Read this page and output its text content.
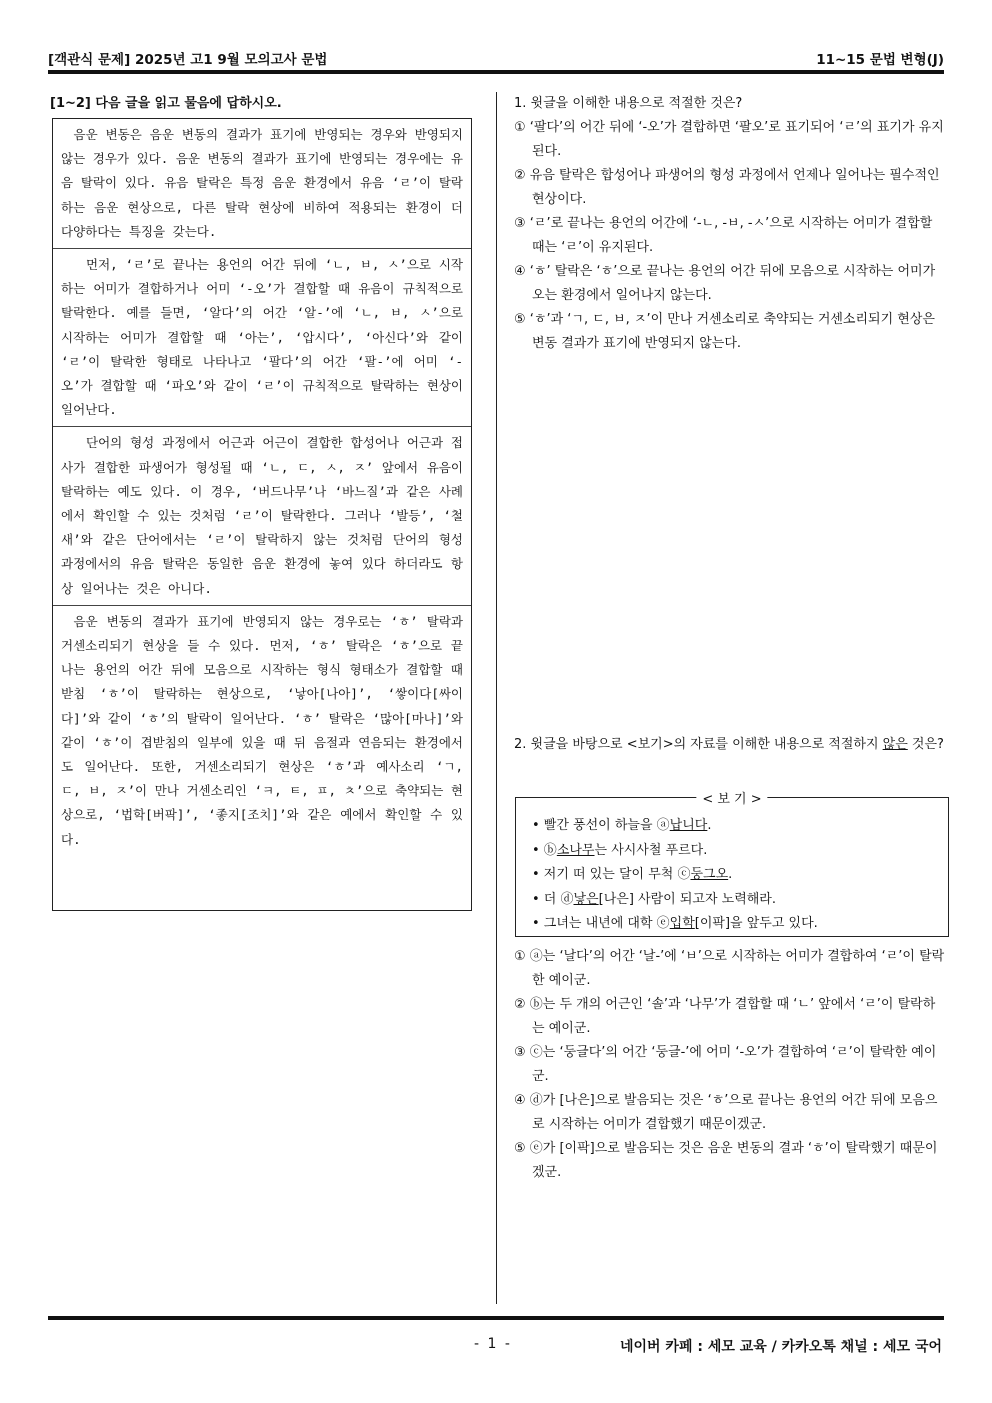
[객관식 문제] 2025년 고1 9월 모의고사 문법	11~15 문법 변형(J)
[1~2] 다음 글을 읽고 물음에 답하시오.

음운 변동은 음운 변동의 결과가 표기에 반영되는 경우와 반영되지 않는 경우가 있다. 음운 변동의 결과가 표기에 반영되는 경우에는 유음 탈락이 있다. 유음 탈락은 특정 음운 환경에서 유음 ‘ㄹ’이 탈락하는 음운 현상으로, 다른 탈락 현상에 비하여 적용되는 환경이 더 다양하다는 특징을 갖는다.

먼저, ‘ㄹ’로 끝나는 용언의 어간 뒤에 ‘ㄴ, ㅂ, ㅅ’으로 시작하는 어미가 결합하거나 어미 ‘-오’가 결합할 때 유음이 규칙적으로 탈락한다. 예를 들면, ‘알다’의 어간 ‘알-’에 ‘ㄴ, ㅂ, ㅅ’으로 시작하는 어미가 결합할 때 ‘아는’, ‘압시다’, ‘아신다’와 같이 ‘ㄹ’이 탈락한 형태로 나타나고 ‘팔다’의 어간 ‘팔-’에 어미 ‘-오’가 결합할 때 ‘파오’와 같이 ‘ㄹ’이 규칙적으로 탈락하는 현상이 일어난다.

단어의 형성 과정에서 어근과 어근이 결합한 합성어나 어근과 접사가 결합한 파생어가 형성될 때 ‘ㄴ, ㄷ, ㅅ, ㅈ’ 앞에서 유음이 탈락하는 예도 있다. 이 경우, ‘버드나무’나 ‘바느질’과 같은 사례에서 확인할 수 있는 것처럼 ‘ㄹ’이 탈락한다. 그러나 ‘발등’, ‘철새’와 같은 단어에서는 ‘ㄹ’이 탈락하지 않는 것처럼 단어의 형성 과정에서의 유음 탈락은 동일한 음운 환경에 놓여 있다 하더라도 항상 일어나는 것은 아니다.

음운 변동의 결과가 표기에 반영되지 않는 경우로는 ‘ㅎ’ 탈락과 거센소리되기 현상을 들 수 있다. 먼저, ‘ㅎ’ 탈락은 ‘ㅎ’으로 끝나는 용언의 어간 뒤에 모음으로 시작하는 형식 형태소가 결합할 때 받침 ‘ㅎ’이 탈락하는 현상으로, ‘낳아[나아]’, ‘쌓이다[싸이다]’와 같이 ‘ㅎ’의 탈락이 일어난다. ‘ㅎ’ 탈락은 ‘많아[마나]’와 같이 ‘ㅎ’이 겹받침의 일부에 있을 때 뒤 음절과 연음되는 환경에서도 일어난다. 또한, 거센소리되기 현상은 ‘ㅎ’과 예사소리 ‘ㄱ, ㄷ, ㅂ, ㅈ’이 만나 거센소리인 ‘ㅋ, ㅌ, ㅍ, ㅊ’으로 축약되는 현상으로, ‘법학[버팍]’, ‘좋지[조치]’와 같은 예에서 확인할 수 있다.

1. 윗글을 이해한 내용으로 적절한 것은?

① ‘팔다’의 어간 뒤에 ‘-오’가 결합하면 ‘팔오’로 표기되어 ‘ㄹ’의 표기가 유지된다.

② 유음 탈락은 합성어나 파생어의 형성 과정에서 언제나 일어나는 필수적인 현상이다.

③ ‘ㄹ’로 끝나는 용언의 어간에 ‘-ㄴ, -ㅂ, -ㅅ’으로 시작하는 어미가 결합할 때는 ‘ㄹ’이 유지된다.

④ ‘ㅎ’ 탈락은 ‘ㅎ’으로 끝나는 용언의 어간 뒤에 모음으로 시작하는 어미가 오는 환경에서 일어나지 않는다.

⑤ ‘ㅎ’과 ‘ㄱ, ㄷ, ㅂ, ㅈ’이 만나 거센소리로 축약되는 거센소리되기 현상은 변동 결과가 표기에 반영되지 않는다.

2. 윗글을 바탕으로 <보기>의 자료를 이해한 내용으로 적절하지 않은 것은?

< 보 기 >
• 빨간 풍선이 하늘을 ⓐ납니다.
• ⓑ소나무는 사시사철 푸르다.
• 저기 떠 있는 달이 무척 ⓒ둥그오.
• 더 ⓓ낳은[나은] 사람이 되고자 노력해라.
• 그녀는 내년에 대학 ⓔ입학[이팍]을 앞두고 있다.

① ⓐ는 ‘날다’의 어간 ‘날-’에 ‘ㅂ’으로 시작하는 어미가 결합하여 ‘ㄹ’이 탈락한 예이군.

② ⓑ는 두 개의 어근인 ‘솔’과 ‘나무’가 결합할 때 ‘ㄴ’ 앞에서 ‘ㄹ’이 탈락하는 예이군.

③ ⓒ는 ‘둥글다’의 어간 ‘둥글-’에 어미 ‘-오’가 결합하여 ‘ㄹ’이 탈락한 예이군.

④ ⓓ가 [나은]으로 발음되는 것은 ‘ㅎ’으로 끝나는 용언의 어간 뒤에 모음으로 시작하는 어미가 결합했기 때문이겠군.

⑤ ⓔ가 [이팍]으로 발음되는 것은 음운 변동의 결과 ‘ㅎ’이 탈락했기 때문이겠군.

- 1 -	네이버 카페 : 세모 교육 / 카카오톡 채널 : 세모 국어
